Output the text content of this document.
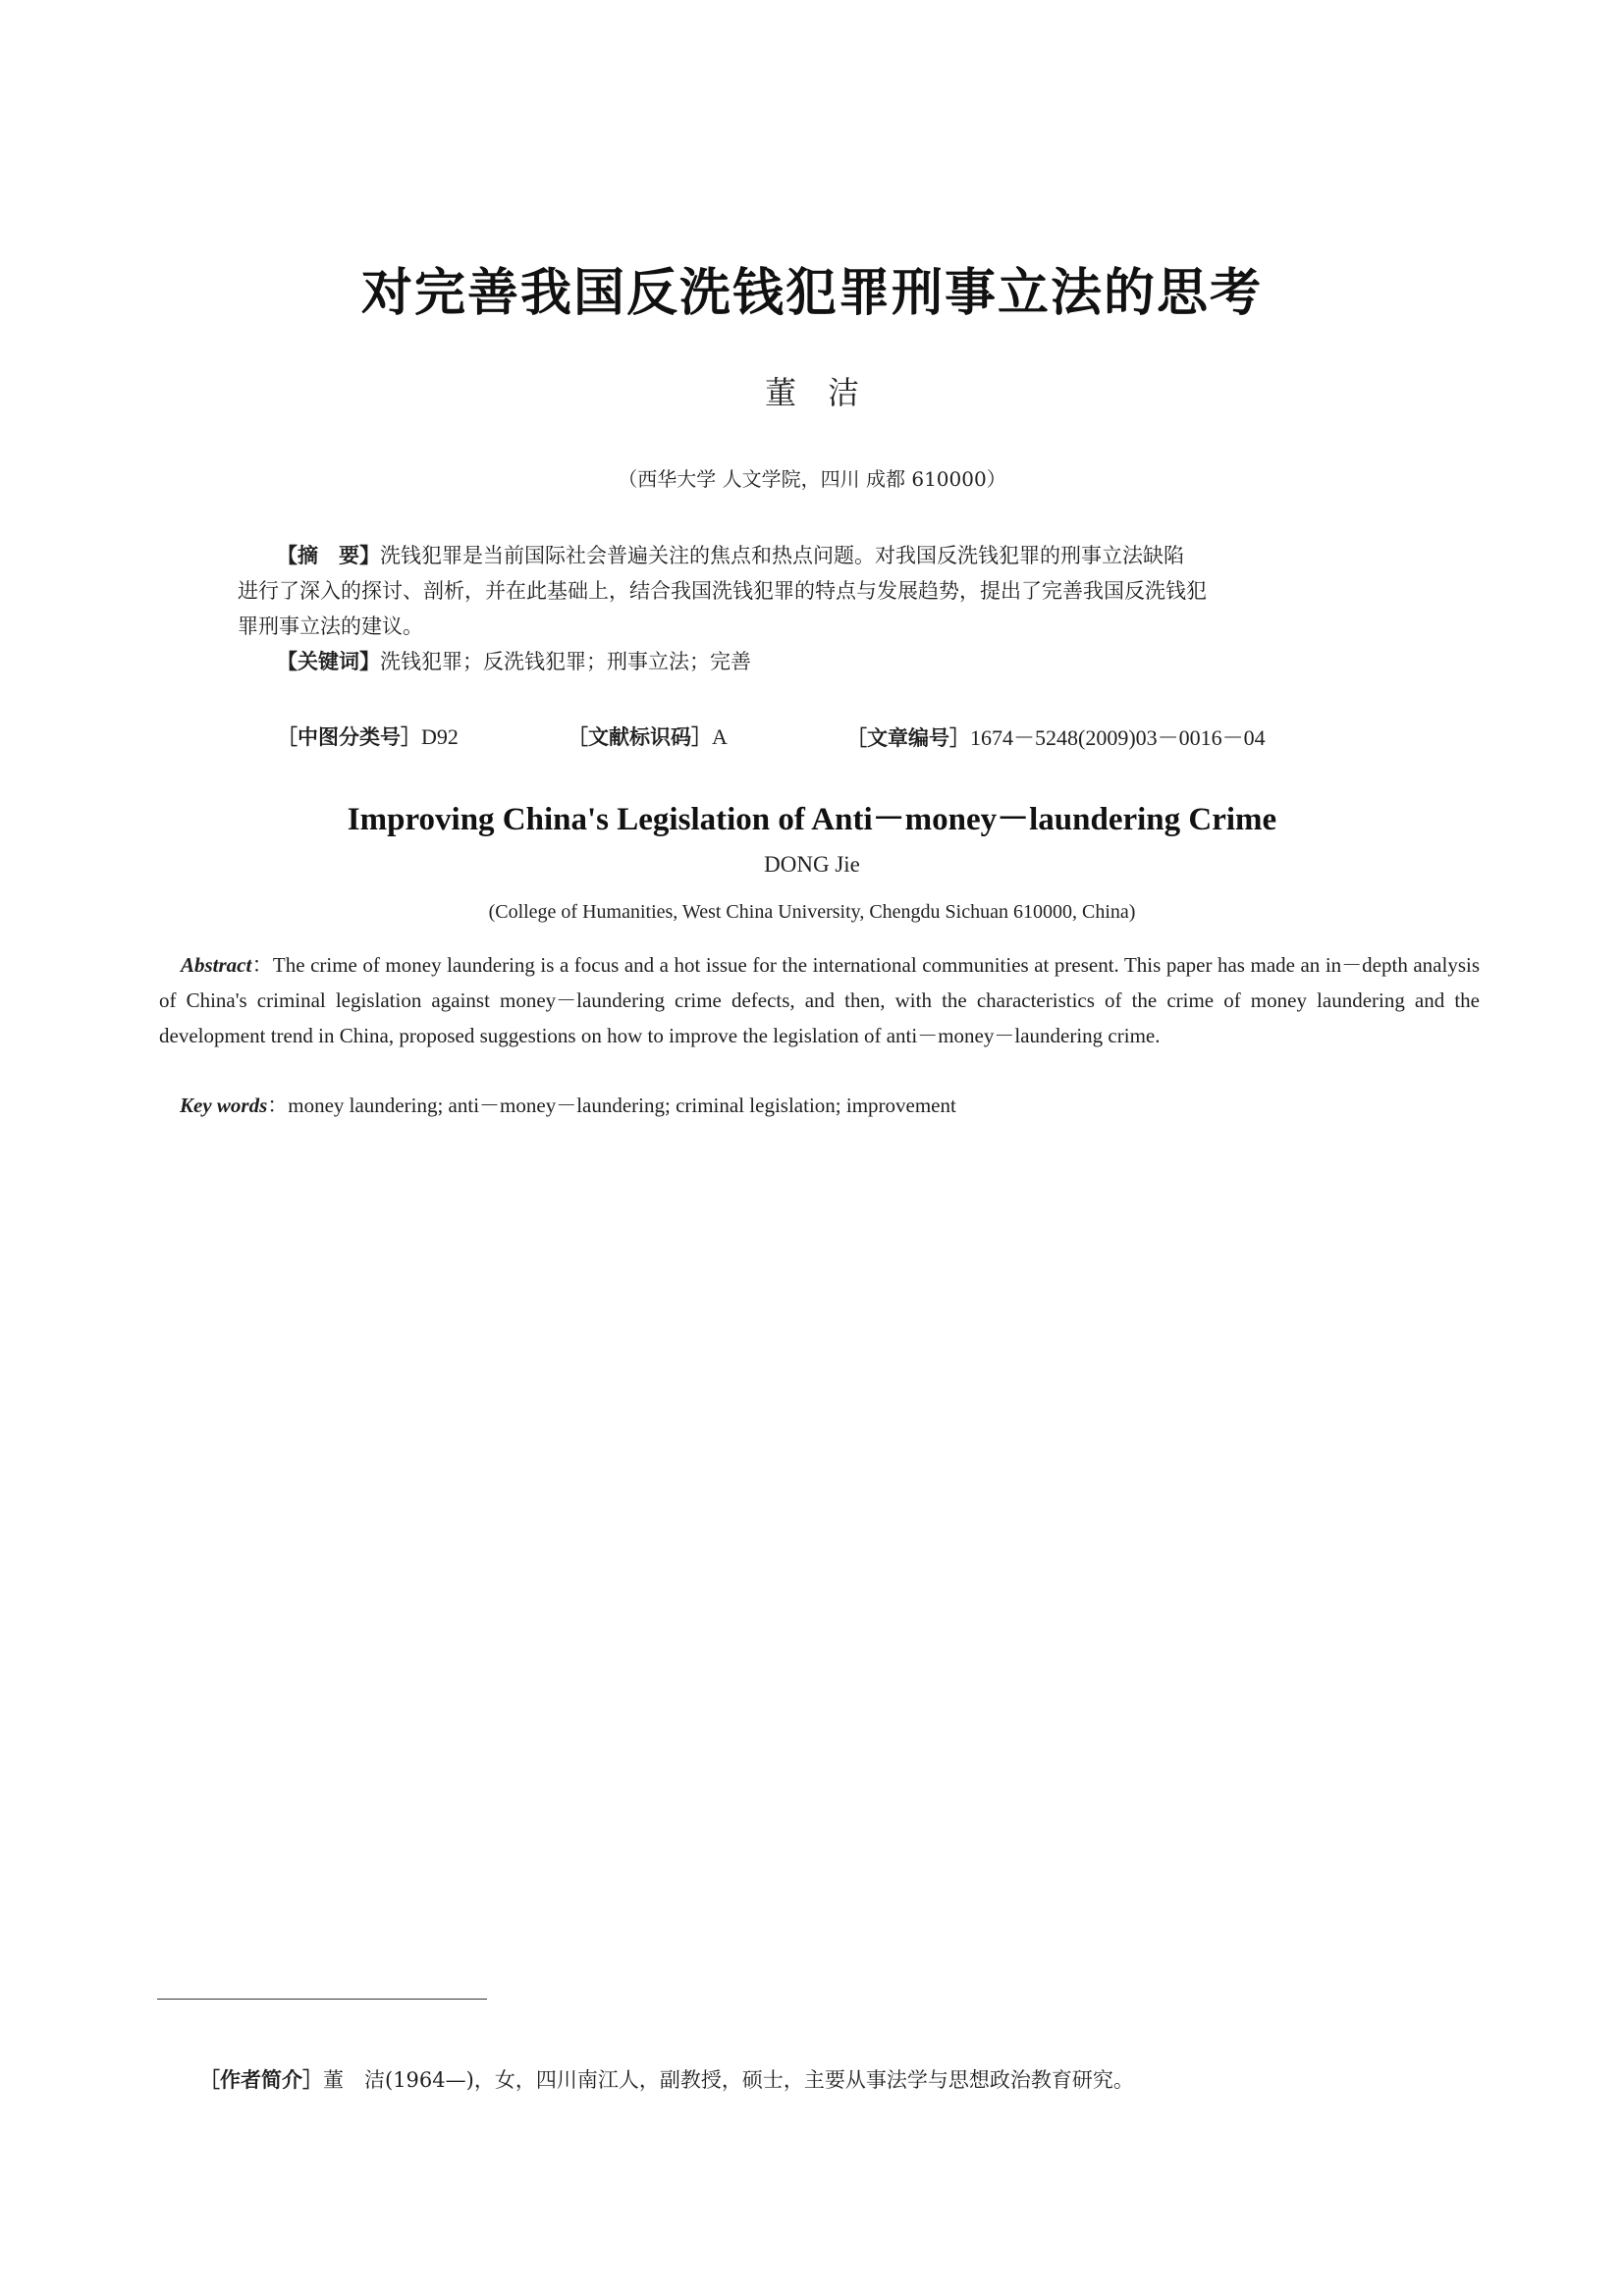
对完善我国反洗钱犯罪刑事立法的思考
董　洁
（西华大学 人文学院，四川 成都 610000）
【摘　要】洗钱犯罪是当前国际社会普遍关注的焦点和热点问题。对我国反洗钱犯罪的刑事立法缺陷
进行了深入的探讨、剖析，并在此基础上，结合我国洗钱犯罪的特点与发展趋势，提出了完善我国反洗钱犯
罪刑事立法的建议。
【关键词】洗钱犯罪；反洗钱犯罪；刑事立法；完善
［中图分类号］D92	［文献标识码］A	［文章编号］1674－5248(2009)03－0016－04
Improving China's Legislation of Anti－money－laundering Crime
DONG Jie
(College of Humanities, West China University, Chengdu Sichuan 610000, China)
Abstract：The crime of money laundering is a focus and a hot issue for the international communities at present. This paper has made an in－depth analysis of China's criminal legislation against money－laundering crime defects, and then, with the characteristics of the crime of money laundering and the development trend in China, proposed suggestions on how to improve the legislation of anti－money－laundering crime.
Key words：money laundering; anti－money－laundering; criminal legislation; improvement
［作者简介］董　洁(1964—)，女，四川南江人，副教授，硕士，主要从事法学与思想政治教育研究。
